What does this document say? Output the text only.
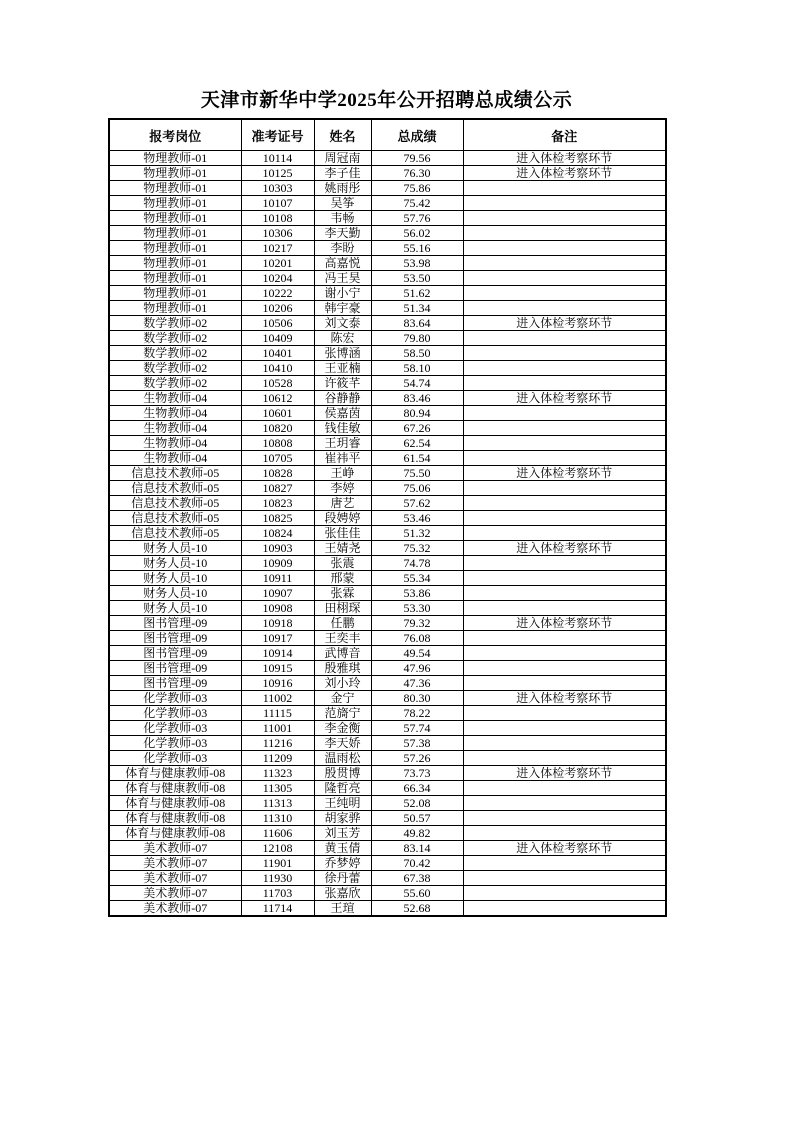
天津市新华中学2025年公开招聘总成绩公示
报考岗位	准考证号	姓名	总成绩	备注
物理教师-01	10114	周冠南	79.56	进入体检考察环节
物理教师-01	10125	李子佳	76.30	进入体检考察环节
物理教师-01	10303	姚雨彤	75.86	
物理教师-01	10107	吴筝	75.42	
物理教师-01	10108	韦畅	57.76	
物理教师-01	10306	李天勤	56.02	
物理教师-01	10217	李盼	55.16	
物理教师-01	10201	高嘉悦	53.98	
物理教师-01	10204	冯王昊	53.50	
物理教师-01	10222	谢小宁	51.62	
物理教师-01	10206	韩宇豪	51.34	
数学教师-02	10506	刘文泰	83.64	进入体检考察环节
数学教师-02	10409	陈宏	79.80	
数学教师-02	10401	张博涵	58.50	
数学教师-02	10410	王亚楠	58.10	
数学教师-02	10528	许筱芊	54.74	
生物教师-04	10612	谷静静	83.46	进入体检考察环节
生物教师-04	10601	侯嘉茵	80.94	
生物教师-04	10820	钱佳敏	67.26	
生物教师-04	10808	王玥睿	62.54	
生物教师-04	10705	崔祎平	61.54	
信息技术教师-05	10828	王峥	75.50	进入体检考察环节
信息技术教师-05	10827	李婷	75.06	
信息技术教师-05	10823	唐艺	57.62	
信息技术教师-05	10825	段娉婷	53.46	
信息技术教师-05	10824	张佳佳	51.32	
财务人员-10	10903	王婧尧	75.32	进入体检考察环节
财务人员-10	10909	张震	74.78	
财务人员-10	10911	邢蒙	55.34	
财务人员-10	10907	张霖	53.86	
财务人员-10	10908	田栩琛	53.30	
图书管理-09	10918	任鹏	79.32	进入体检考察环节
图书管理-09	10917	王奕丰	76.08	
图书管理-09	10914	武博音	49.54	
图书管理-09	10915	殷雅琪	47.96	
图书管理-09	10916	刘小玲	47.36	
化学教师-03	11002	金宁	80.30	进入体检考察环节
化学教师-03	11115	范旖宁	78.22	
化学教师-03	11001	李金衡	57.74	
化学教师-03	11216	李天娇	57.38	
化学教师-03	11209	温雨松	57.26	
体育与健康教师-08	11323	殷贯博	73.73	进入体检考察环节
体育与健康教师-08	11305	隆哲亮	66.34	
体育与健康教师-08	11313	王纯明	52.08	
体育与健康教师-08	11310	胡家骅	50.57	
体育与健康教师-08	11606	刘玉芳	49.82	
美术教师-07	12108	黄玉倩	83.14	进入体检考察环节
美术教师-07	11901	乔梦婷	70.42	
美术教师-07	11930	徐丹蕾	67.38	
美术教师-07	11703	张嘉欣	55.60	
美术教师-07	11714	王瑄	52.68	
